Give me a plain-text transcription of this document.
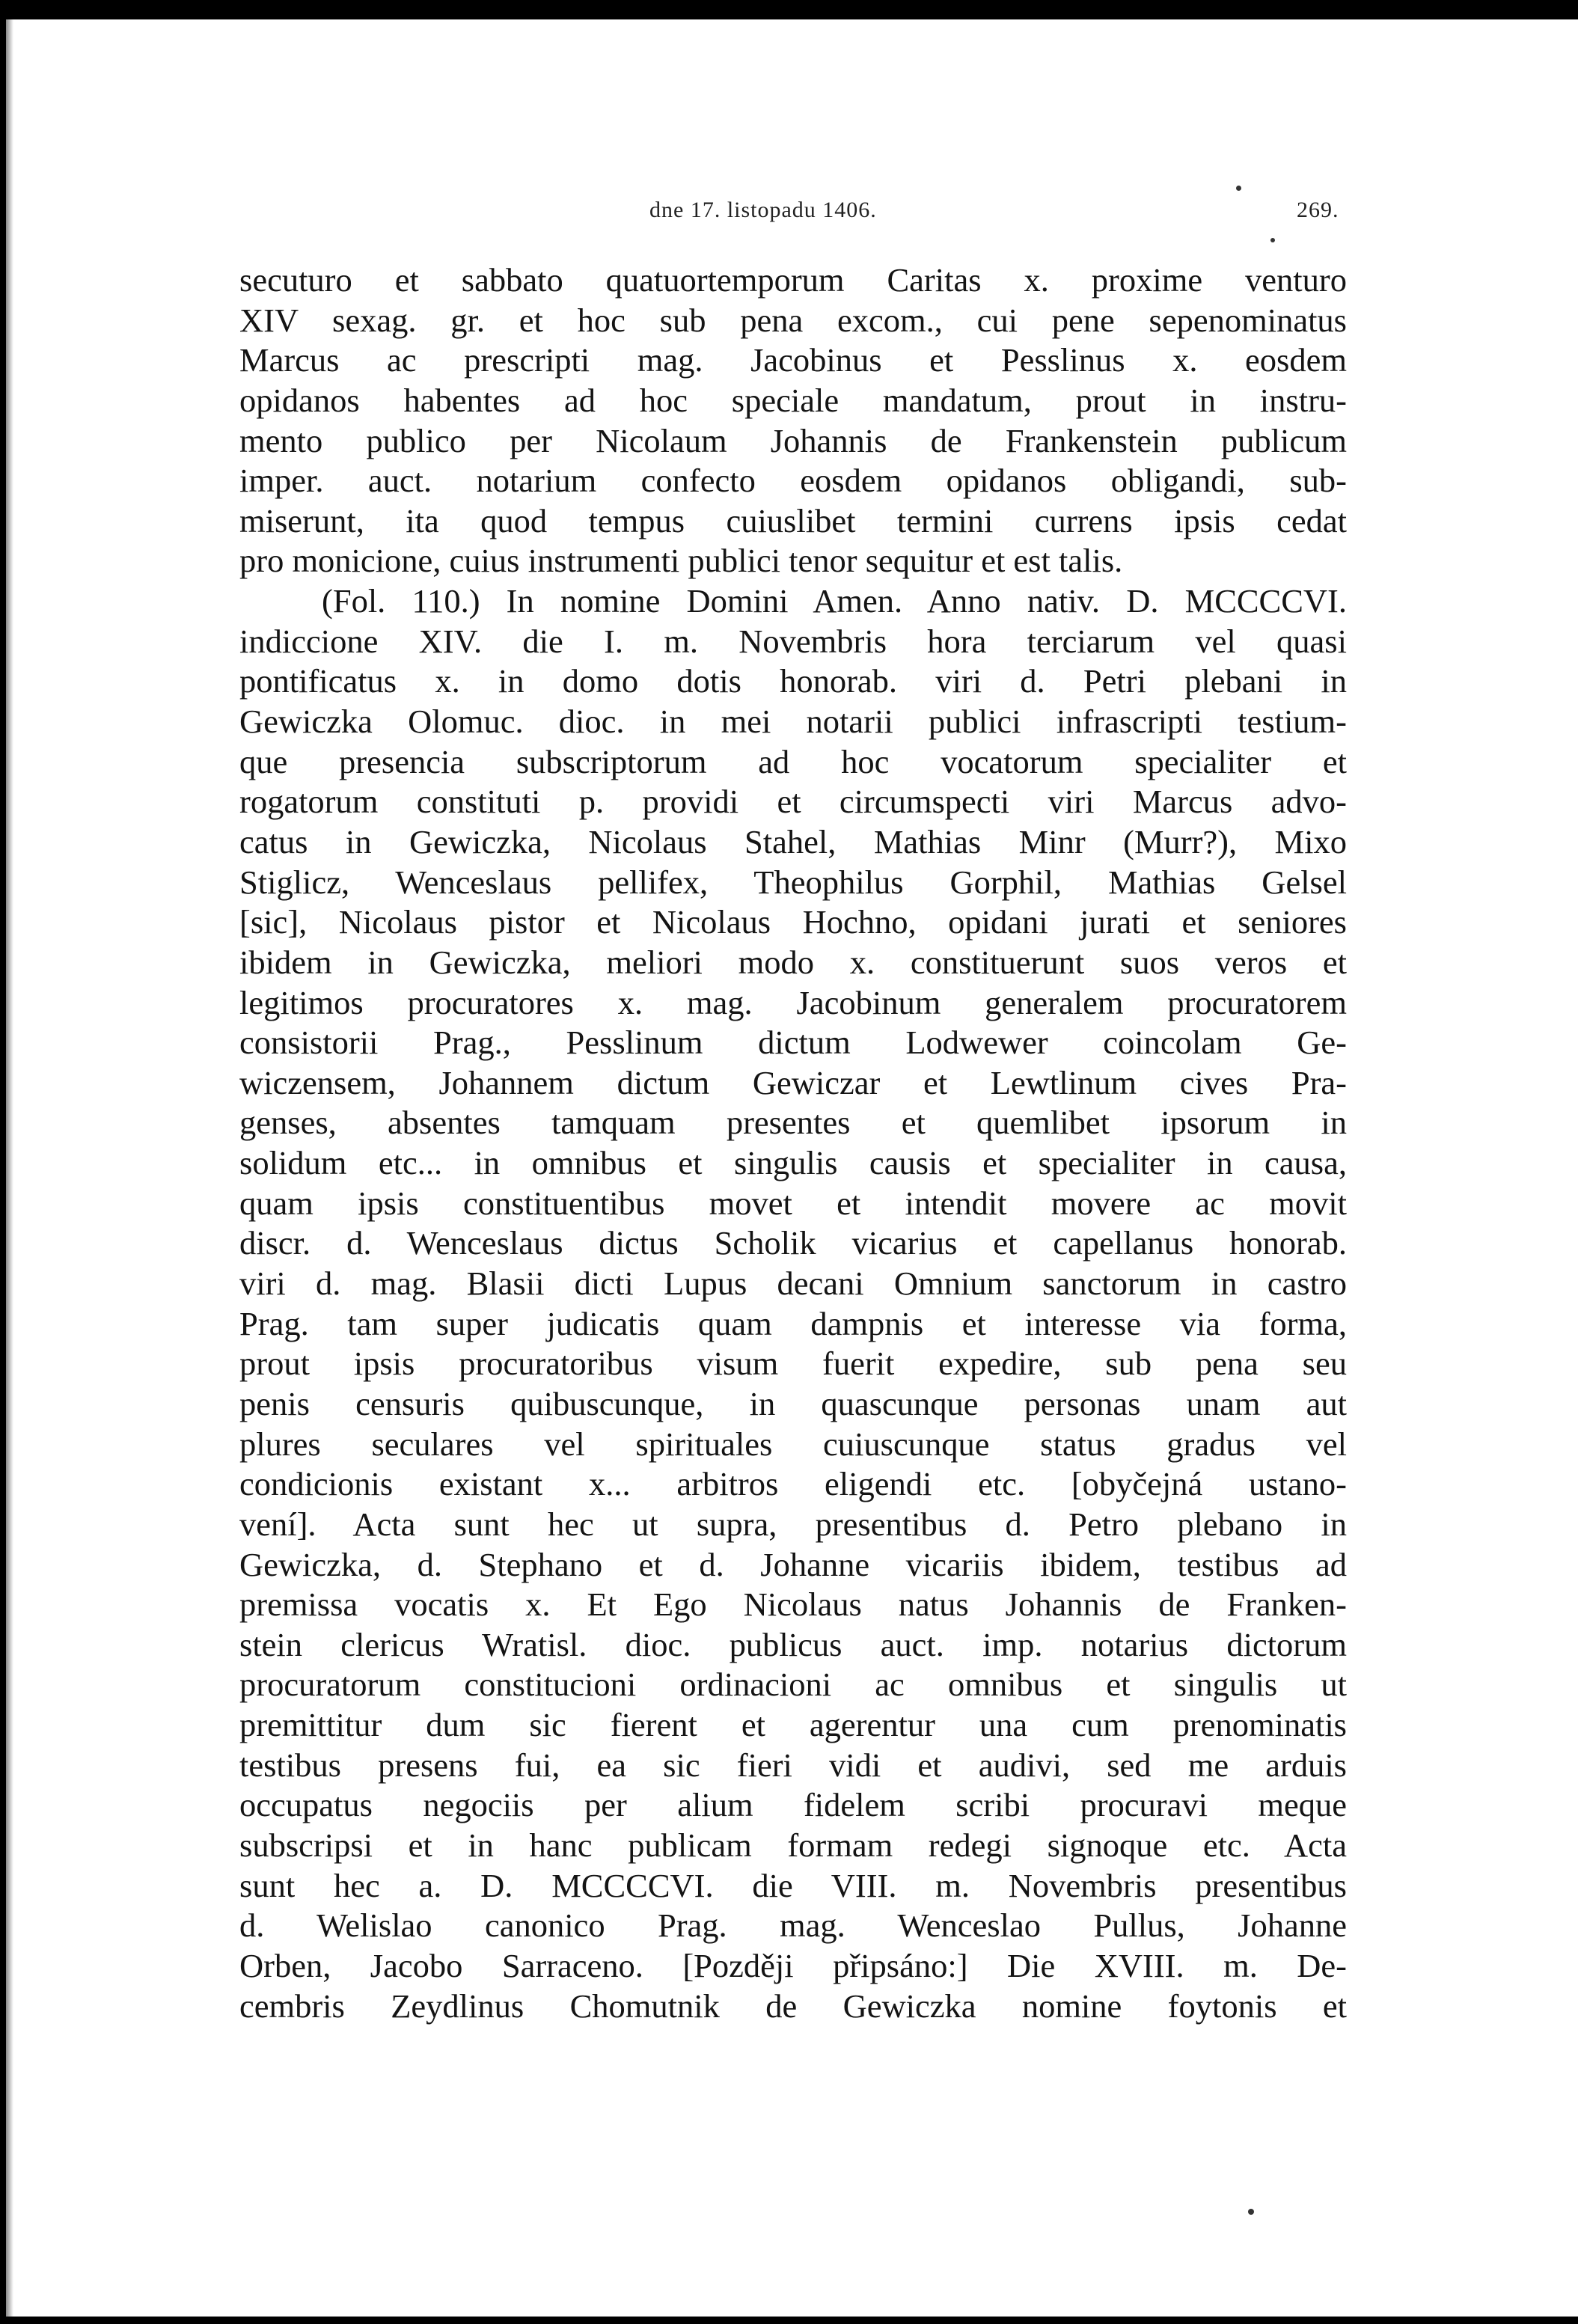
dne 17. listopadu 1406.	269.
secuturo et sabbato quatuortemporum Caritas x. proxime venturo
XIV sexag. gr. et hoc sub pena excom., cui pene sepenominatus
Marcus ac prescripti mag. Jacobinus et Pesslinus x. eosdem
opidanos habentes ad hoc speciale mandatum, prout in instru-
mento publico per Nicolaum Johannis de Frankenstein publicum
imper. auct. notarium confecto eosdem opidanos obligandi, sub-
miserunt, ita quod tempus cuiuslibet termini currens ipsis cedat
pro monicione, cuius instrumenti publici tenor sequitur et est talis.
(Fol. 110.) In nomine Domini Amen. Anno nativ. D. MCCCCVI.
indiccione XIV. die I. m. Novembris hora terciarum vel quasi
pontificatus x. in domo dotis honorab. viri d. Petri plebani in
Gewiczka Olomuc. dioc. in mei notarii publici infrascripti testium-
que presencia subscriptorum ad hoc vocatorum specialiter et
rogatorum constituti p. providi et circumspecti viri Marcus advo-
catus in Gewiczka, Nicolaus Stahel, Mathias Minr (Murr?), Mixo
Stiglicz, Wenceslaus pellifex, Theophilus Gorphil, Mathias Gelsel
[sic], Nicolaus pistor et Nicolaus Hochno, opidani jurati et seniores
ibidem in Gewiczka, meliori modo x. constituerunt suos veros et
legitimos procuratores x. mag. Jacobinum generalem procuratorem
consistorii Prag., Pesslinum dictum Lodwewer coincolam Ge-
wiczensem, Johannem dictum Gewiczar et Lewtlinum cives Pra-
genses, absentes tamquam presentes et quemlibet ipsorum in
solidum etc... in omnibus et singulis causis et specialiter in causa,
quam ipsis constituentibus movet et intendit movere ac movit
discr. d. Wenceslaus dictus Scholik vicarius et capellanus honorab.
viri d. mag. Blasii dicti Lupus decani Omnium sanctorum in castro
Prag. tam super judicatis quam dampnis et interesse via forma,
prout ipsis procuratoribus visum fuerit expedire, sub pena seu
penis censuris quibuscunque, in quascunque personas unam aut
plures seculares vel spirituales cuiuscunque status gradus vel
condicionis existant x... arbitros eligendi etc. [obyčejná ustano-
vení]. Acta sunt hec ut supra, presentibus d. Petro plebano in
Gewiczka, d. Stephano et d. Johanne vicariis ibidem, testibus ad
premissa vocatis x. Et Ego Nicolaus natus Johannis de Franken-
stein clericus Wratisl. dioc. publicus auct. imp. notarius dictorum
procuratorum constitucioni ordinacioni ac omnibus et singulis ut
premittitur dum sic fierent et agerentur una cum prenominatis
testibus presens fui, ea sic fieri vidi et audivi, sed me arduis
occupatus negociis per alium fidelem scribi procuravi meque
subscripsi et in hanc publicam formam redegi signoque etc. Acta
sunt hec a. D. MCCCCVI. die VIII. m. Novembris presentibus
d. Welislao canonico Prag. mag. Wenceslao Pullus, Johanne
Orben, Jacobo Sarraceno. [Později připsáno:] Die XVIII. m. De-
cembris Zeydlinus Chomutnik de Gewiczka nomine foytonis et
